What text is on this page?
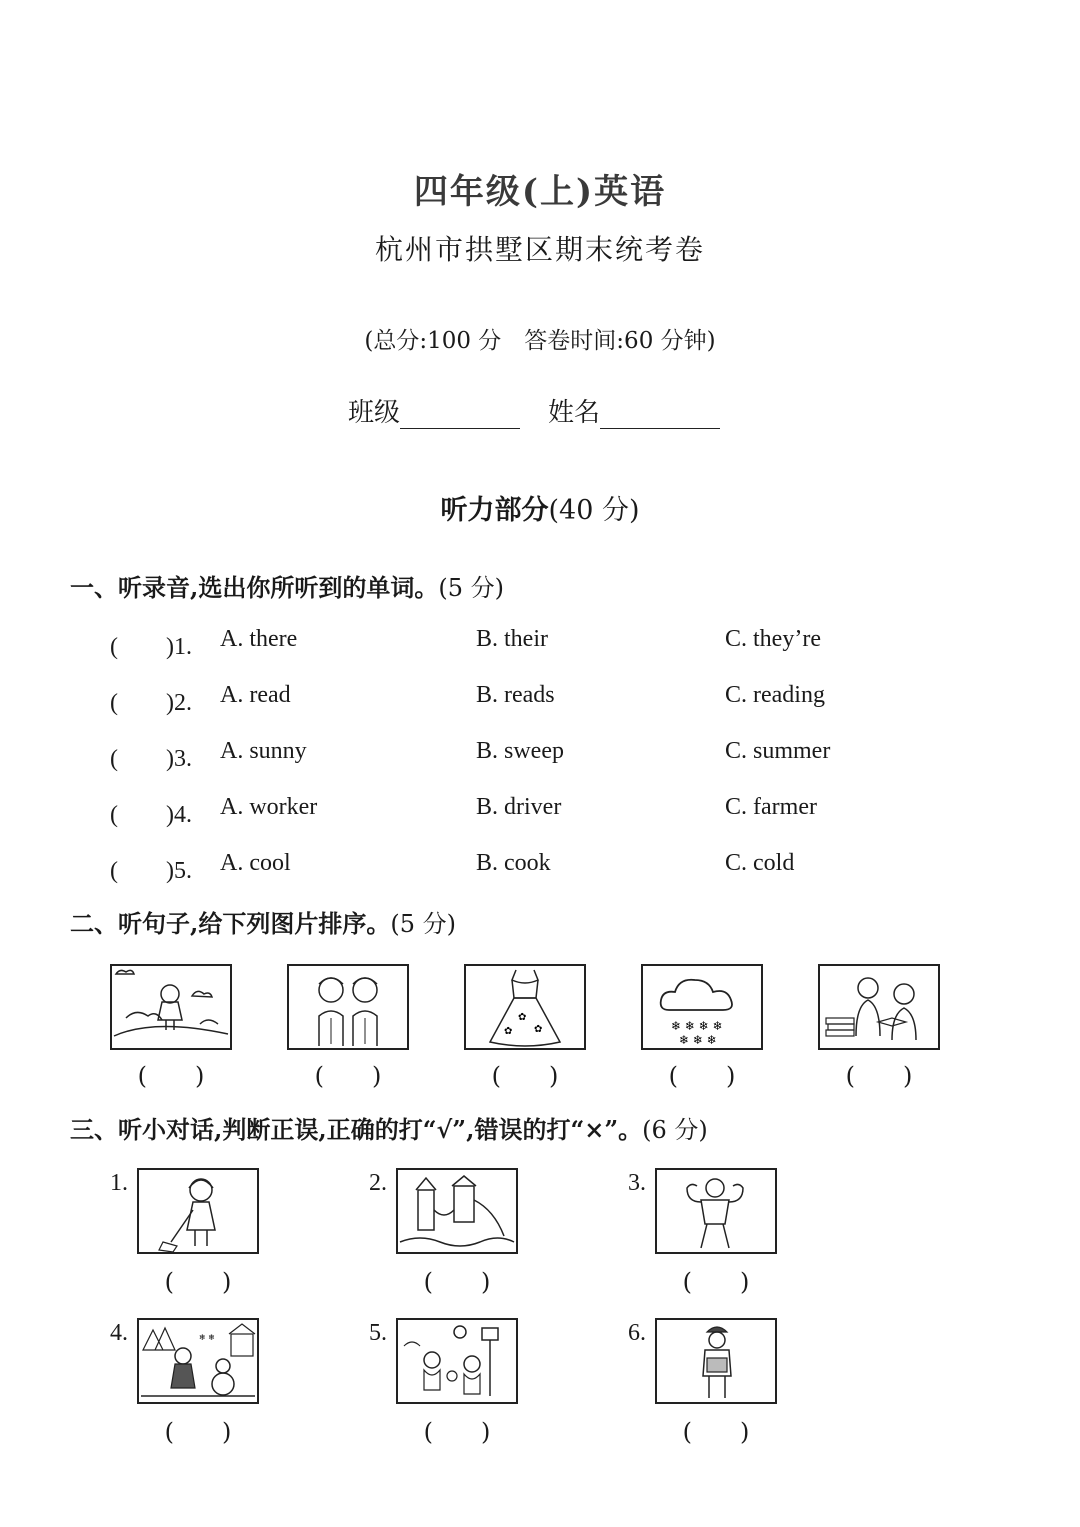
四年级(上)英语
杭州市拱墅区期末统考卷
(总分:100 分　答卷时间:60 分钟)
班级	姓名
听力部分(40 分)
一、听录音,选出你所听到的单词。(5 分)
(　　)1. A. there	B. their	C. they’re
(　　)2. A. read	B. reads	C. reading
(　　)3. A. sunny	B. sweep	C. summer
(　　)4. A. worker	B. driver	C. farmer
(　　)5. A. cool	B. cook	C. cold
二、听句子,给下列图片排序。(5 分)
✿
✿ ✿	❄ ❄ ❄ ❄
❄ ❄ ❄
(　　)	(　　)	(　　)	(　　)	(　　)
三、听小对话,判断正误,正确的打“√”,错误的打“×”。(6 分)
1.	2.	3.
(　　)	(　　)	(　　)
4.	❄ ❄	5.	6.
(　　)	(　　)	(　　)
